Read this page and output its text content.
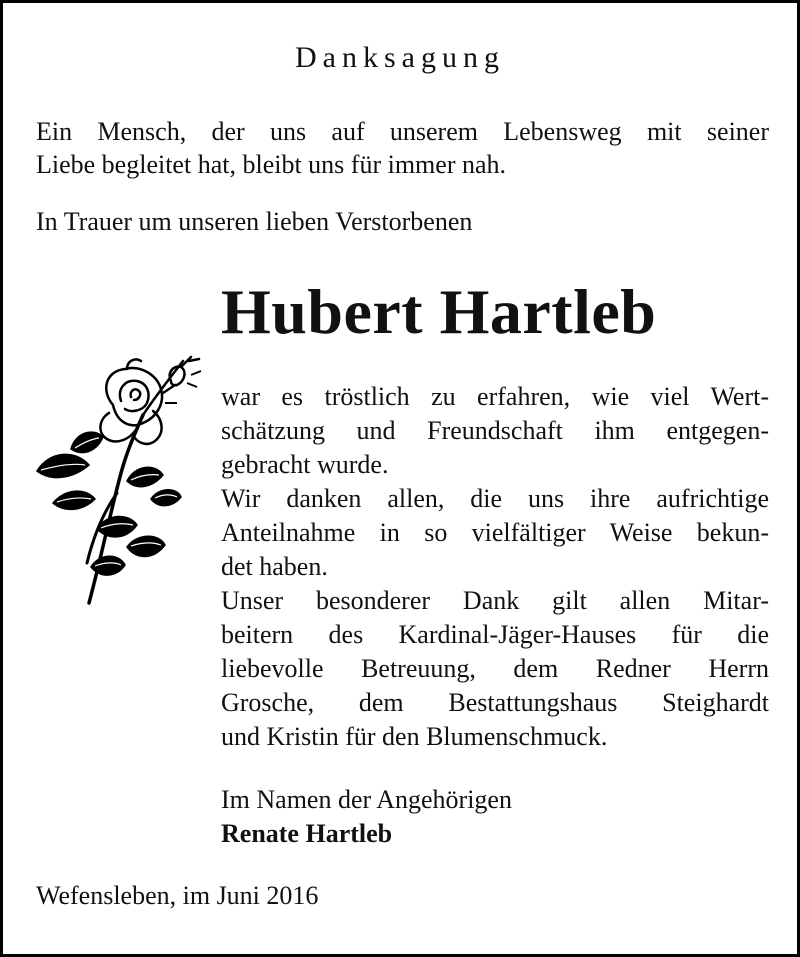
Danksagung

Ein Mensch, der uns auf unserem Lebensweg mit seiner
Liebe begleitet hat, bleibt uns für immer nah.

In Trauer um unseren lieben Verstorbenen

Hubert Hartleb

war es tröstlich zu erfahren, wie viel Wert-
schätzung und Freundschaft ihm entgegen-
gebracht wurde.
Wir danken allen, die uns ihre aufrichtige
Anteilnahme in so vielfältiger Weise bekun-
det haben.
Unser besonderer Dank gilt allen Mitar-
beitern des Kardinal-Jäger-Hauses für die
liebevolle Betreuung, dem Redner Herrn
Grosche, dem Bestattungshaus Steighardt
und Kristin für den Blumenschmuck.

Im Namen der Angehörigen
Renate Hartleb

Wefensleben, im Juni 2016
